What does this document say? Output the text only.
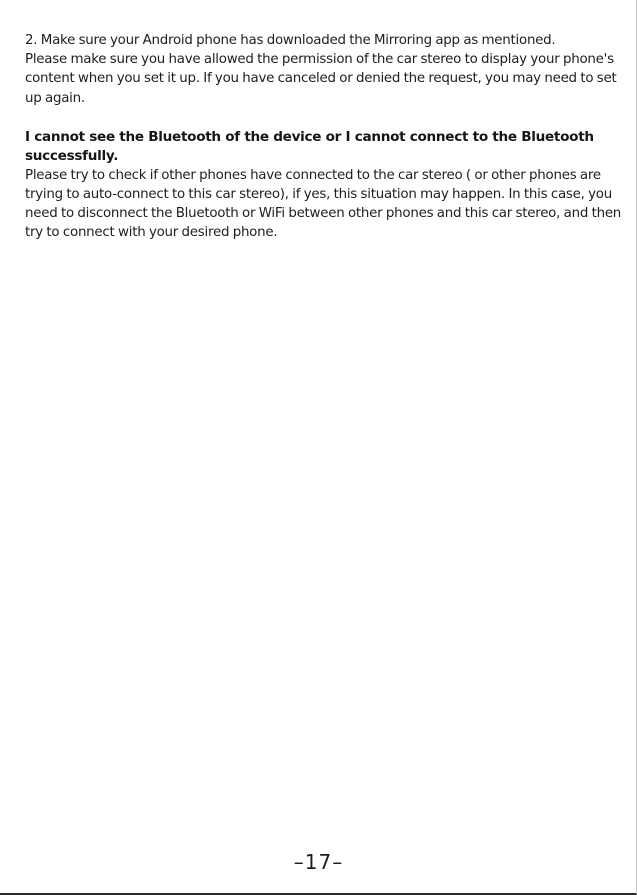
2. Make sure your Android phone has downloaded the Mirroring app as mentioned.
Please make sure you have allowed the permission of the car stereo to display your phone's content when you set it up. If you have canceled or denied the request, you may need to set up again.

I cannot see the Bluetooth of the device or I cannot connect to the Bluetooth successfully.

Please try to check if other phones have connected to the car stereo ( or other phones are trying to auto-connect to this car stereo), if yes, this situation may happen. In this case, you need to disconnect the Bluetooth or WiFi between other phones and this car stereo, and then try to connect with your desired phone.

–17–
